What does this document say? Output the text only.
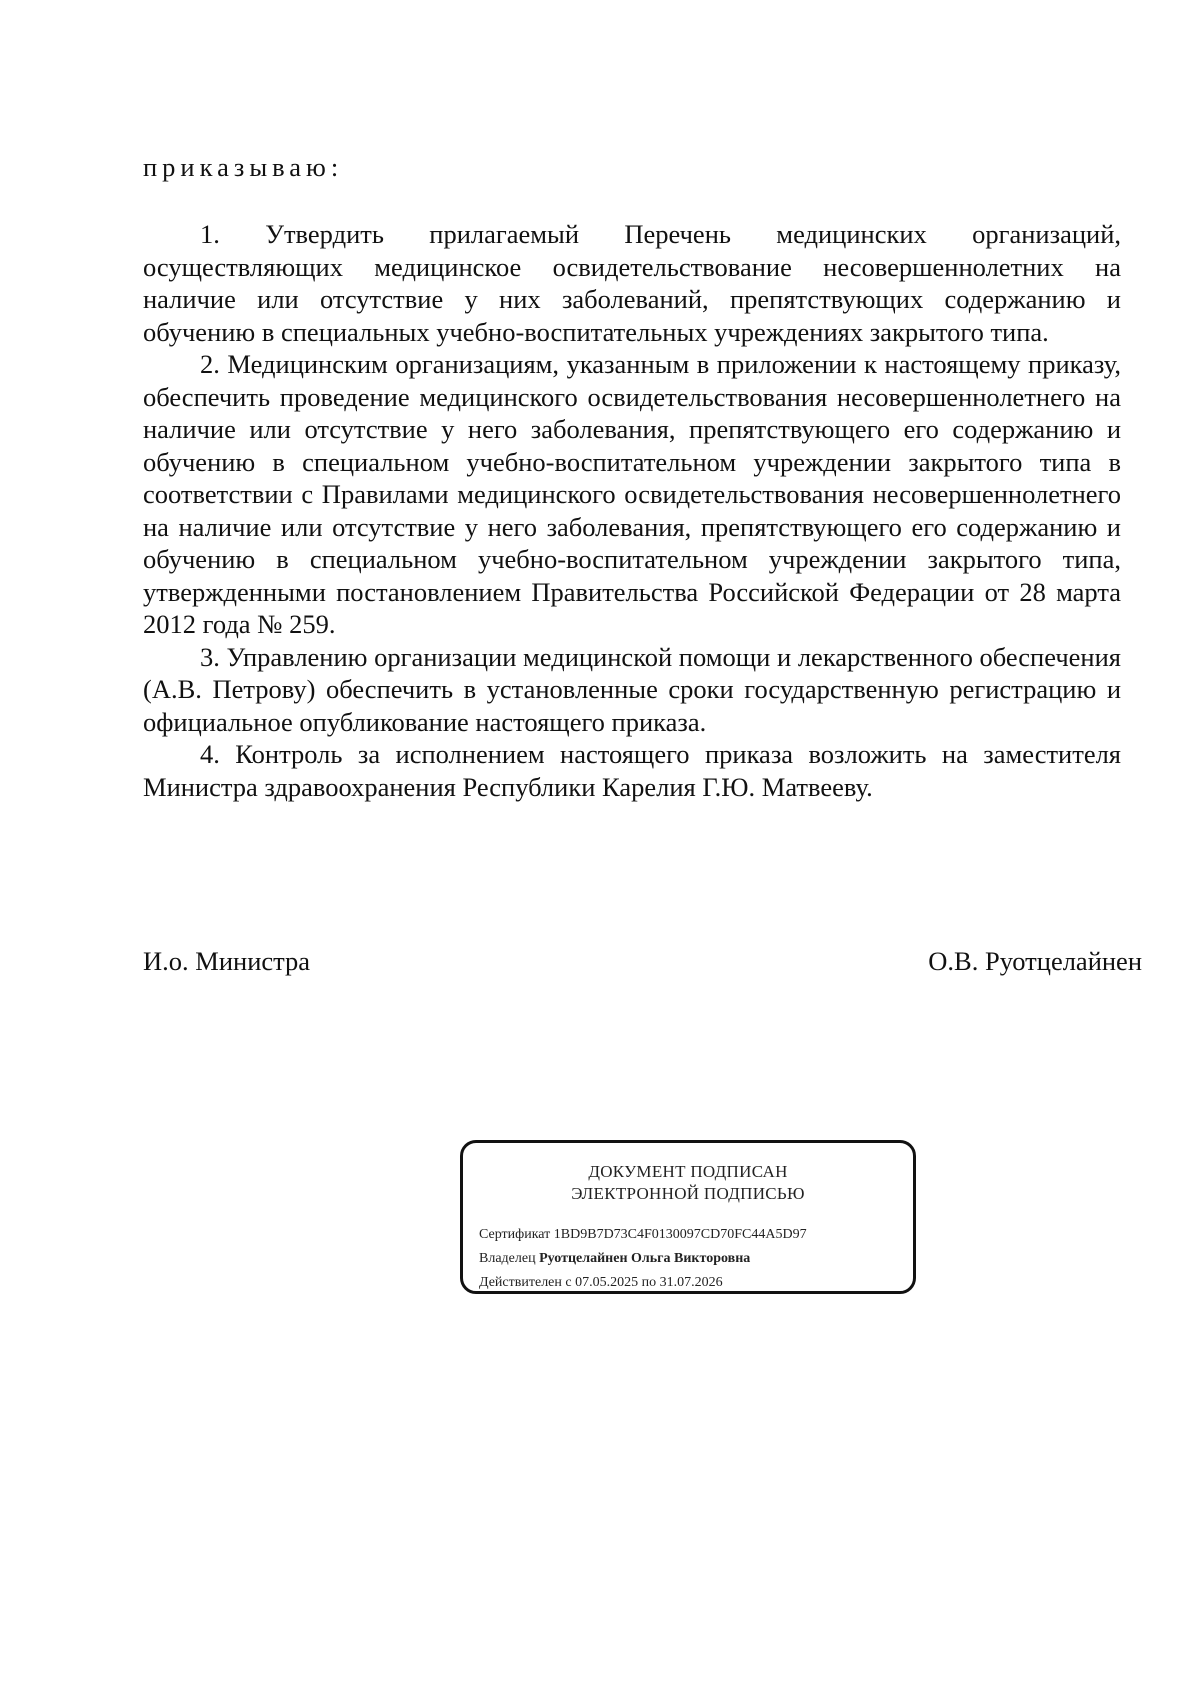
приказываю:

1. Утвердить прилагаемый Перечень медицинских организаций, осуществляющих медицинское освидетельствование несовершеннолетних на наличие или отсутствие у них заболеваний, препятствующих содержанию и обучению в специальных учебно-воспитательных учреждениях закрытого типа.

2. Медицинским организациям, указанным в приложении к настоящему приказу, обеспечить проведение медицинского освидетельствования несовершеннолетнего на наличие или отсутствие у него заболевания, препятствующего его содержанию и обучению в специальном учебно-воспитательном учреждении закрытого типа в соответствии с Правилами медицинского освидетельствования несовершеннолетнего на наличие или отсутствие у него заболевания, препятствующего его содержанию и обучению в специальном учебно-воспитательном учреждении закрытого типа, утвержденными постановлением Правительства Российской Федерации от 28 марта 2012 года № 259.

3. Управлению организации медицинской помощи и лекарственного обеспечения (А.В. Петрову) обеспечить в установленные сроки государственную регистрацию и официальное опубликование настоящего приказа.

4. Контроль за исполнением настоящего приказа возложить на заместителя Министра здравоохранения Республики Карелия Г.Ю. Матвееву.

И.о. Министра	О.В. Руотцелайнен
ДОКУМЕНТ ПОДПИСАН
ЭЛЕКТРОННОЙ ПОДПИСЬЮ
Сертификат 1BD9B7D73C4F0130097CD70FC44A5D97
Владелец Руотцелайнен Ольга Викторовна
Действителен с 07.05.2025 по 31.07.2026
